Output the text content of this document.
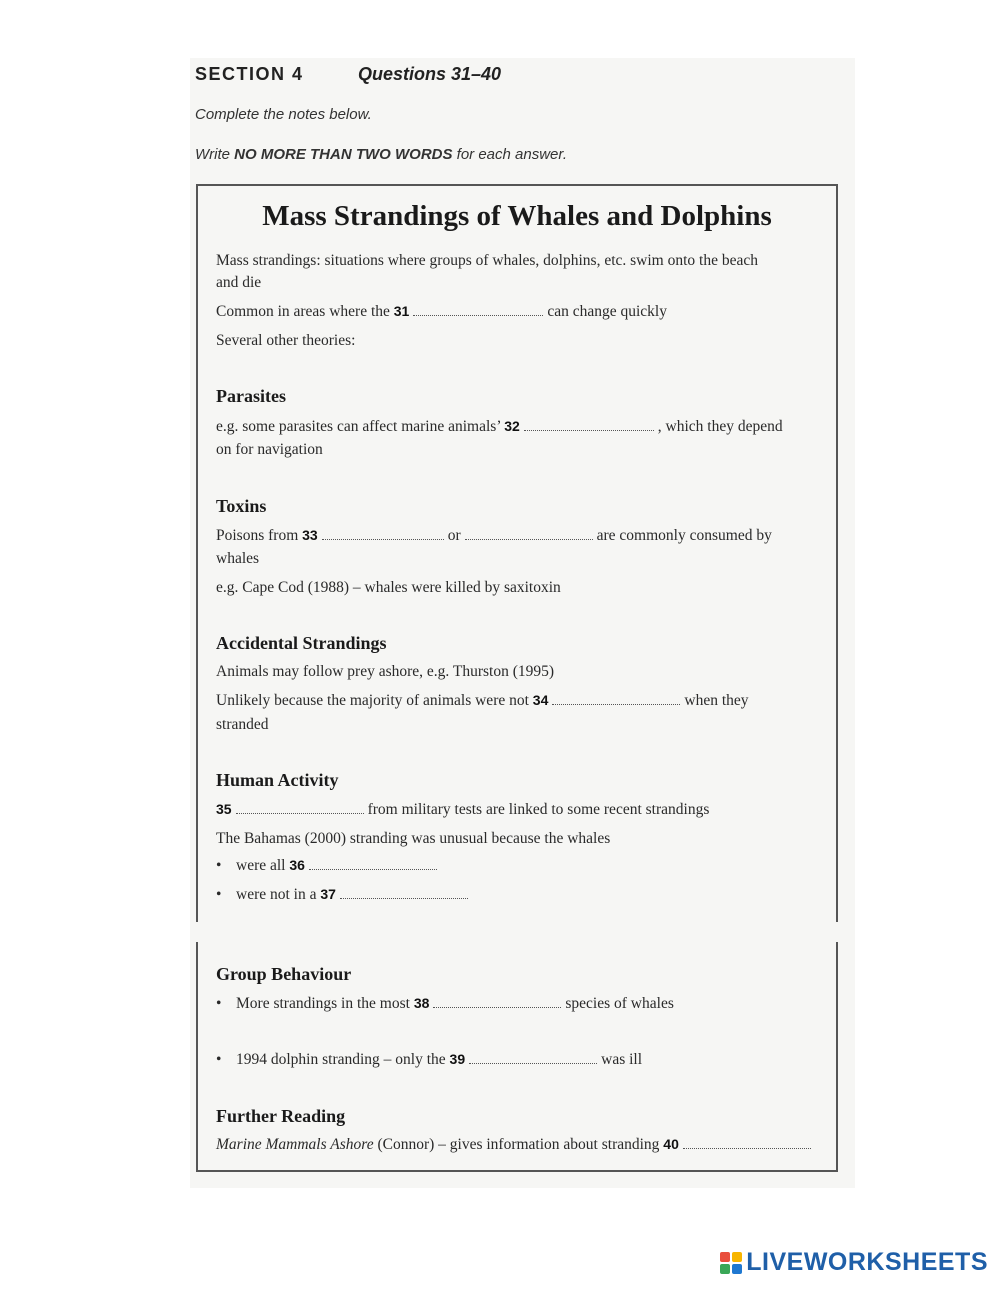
SECTION 4	Questions 31–40
Complete the notes below.
Write NO MORE THAN TWO WORDS for each answer.
Mass Strandings of Whales and Dolphins
Mass strandings: situations where groups of whales, dolphins, etc. swim onto the beach
and die
Common in areas where the 31	can change quickly
Several other theories:
Parasites
e.g. some parasites can affect marine animals’ 32	, which they depend
on for navigation
Toxins
Poisons from 33	or	are commonly consumed by
whales
e.g. Cape Cod (1988) – whales were killed by saxitoxin
Accidental Strandings
Animals may follow prey ashore, e.g. Thurston (1995)
Unlikely because the majority of animals were not 34	when they
stranded
Human Activity
35	from military tests are linked to some recent strandings
The Bahamas (2000) stranding was unusual because the whales
• were all 36
• were not in a 37
Group Behaviour
• More strandings in the most 38	species of whales
• 1994 dolphin stranding – only the 39	was ill
Further Reading
Marine Mammals Ashore (Connor) – gives information about stranding 40
LIVEWORKSHEETS
